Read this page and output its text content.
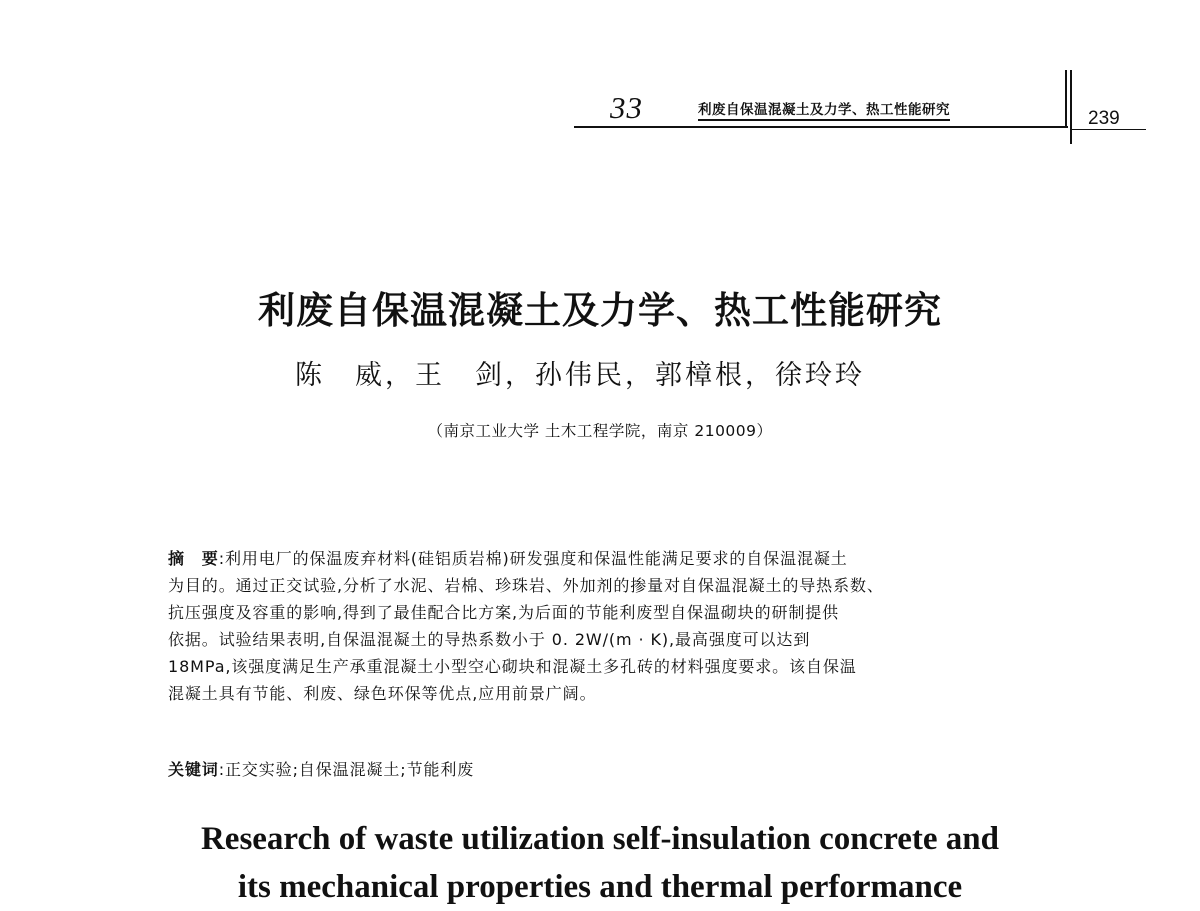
33	利废自保温混凝土及力学、热工性能研究	239
利废自保温混凝土及力学、热工性能研究
陈　威，王　剑，孙伟民，郭樟根，徐玲玲
（南京工业大学 土木工程学院，南京 210009）
摘　要:利用电厂的保温废弃材料(硅铝质岩棉)研发强度和保温性能满足要求的自保温混凝土
为目的。通过正交试验,分析了水泥、岩棉、珍珠岩、外加剂的掺量对自保温混凝土的导热系数、
抗压强度及容重的影响,得到了最佳配合比方案,为后面的节能利废型自保温砌块的研制提供
依据。试验结果表明,自保温混凝土的导热系数小于 0. 2W/(m · K),最高强度可以达到
18MPa,该强度满足生产承重混凝土小型空心砌块和混凝土多孔砖的材料强度要求。该自保温
混凝土具有节能、利废、绿色环保等优点,应用前景广阔。
关键词:正交实验;自保温混凝土;节能利废
Research of waste utilization self-insulation concrete and
its mechanical properties and thermal performance
